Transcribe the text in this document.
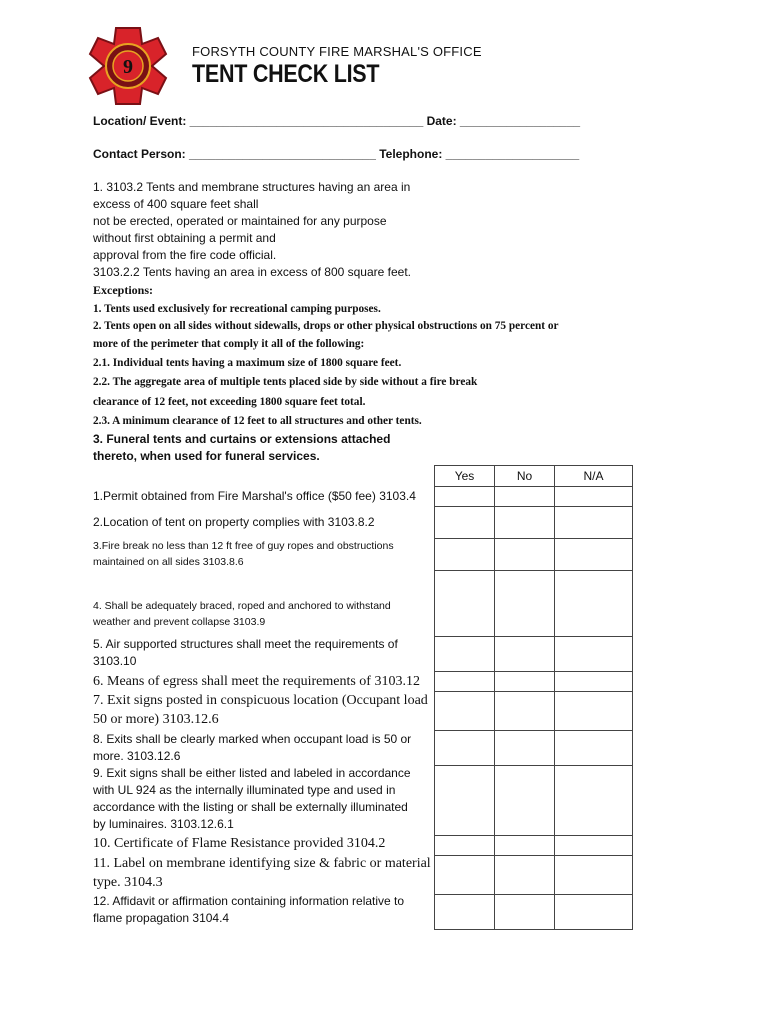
9
FORSYTH COUNTY FIRE MARSHAL'S OFFICE
TENT CHECK LIST
Location/ Event: ___________________________________ Date: __________________
Contact Person: ____________________________ Telephone: ____________________
1. 3103.2 Tents and membrane structures having an area in
excess of 400 square feet shall
not be erected, operated or maintained for any purpose
without first obtaining a permit and
approval from the fire code official.
3103.2.2 Tents having an area in excess of 800 square feet.
Exceptions:
1. Tents used exclusively for recreational camping purposes.
2. Tents open on all sides without sidewalls, drops or other physical obstructions on 75 percent or
more of the perimeter that comply it all of the following:
2.1. Individual tents having a maximum size of 1800 square feet.
2.2. The aggregate area of multiple tents placed side by side without a fire break
clearance of 12 feet, not exceeding 1800 square feet total.
2.3. A minimum clearance of 12 feet to all structures and other tents.
3. Funeral tents and curtains or extensions attached
thereto, when used for funeral services.
Yes	No	N/A

1.Permit obtained from Fire Marshal's office ($50 fee) 3103.4
2.Location of tent on property complies with 3103.8.2
3.Fire break no less than 12 ft free of guy ropes and obstructions
maintained on all sides 3103.8.6
4. Shall be adequately braced, roped and anchored to withstand
weather and prevent collapse 3103.9
5. Air supported structures shall meet the requirements of
3103.10
6. Means of egress shall meet the requirements of 3103.12
7. Exit signs posted in conspicuous location (Occupant load
50 or more) 3103.12.6
8. Exits shall be clearly marked when occupant load is 50 or
more. 3103.12.6
9. Exit signs shall be either listed and labeled in accordance
with UL 924 as the internally illuminated type and used in
accordance with the listing or shall be externally illuminated
by luminaires. 3103.12.6.1
10. Certificate of Flame Resistance provided 3104.2
11. Label on membrane identifying size & fabric or material
type. 3104.3
12. Affidavit or affirmation containing information relative to
flame propagation 3104.4
